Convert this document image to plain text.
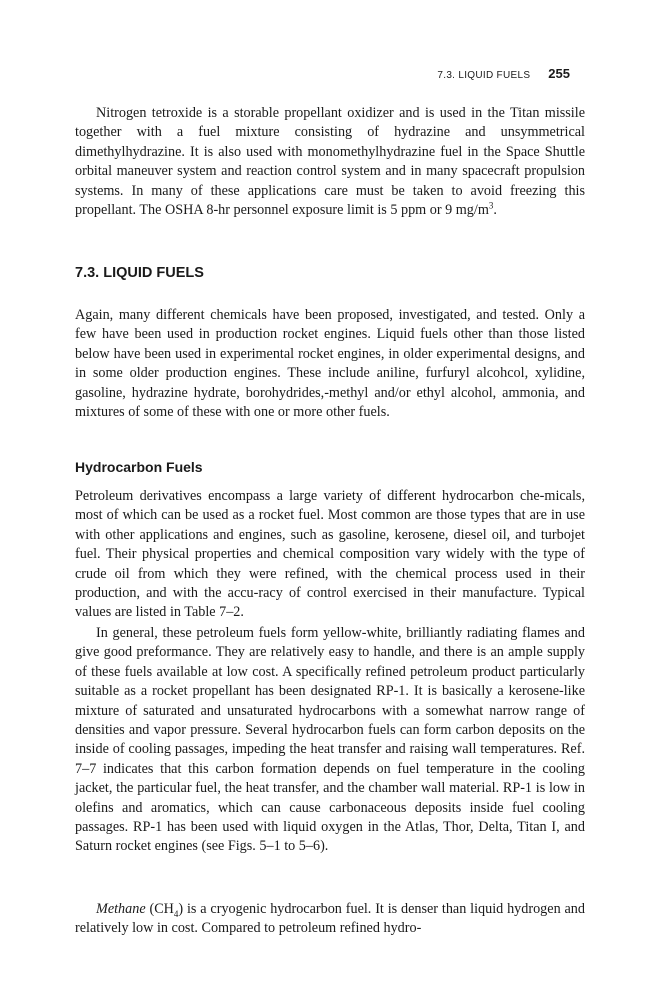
7.3. LIQUID FUELS 255

Nitrogen tetroxide is a storable propellant oxidizer and is used in the Titan missile together with a fuel mixture consisting of hydrazine and unsymmetrical dimethylhydrazine. It is also used with monomethylhydrazine fuel in the Space Shuttle orbital maneuver system and reaction control system and in many spacecraft propulsion systems. In many of these applications care must be taken to avoid freezing this propellant. The OSHA 8-hr personnel exposure limit is 5 ppm or 9 $mg/m^3$.

7.3. LIQUID FUELS

Again, many different chemicals have been proposed, investigated, and tested. Only a few have been used in production rocket engines. Liquid fuels other than those listed below have been used in experimental rocket engines, in older experimental designs, and in some older production engines. These include aniline, furfuryl alcohcol, xylidine, gasoline, hydrazine hydrate, borohydrides,-methyl and/or ethyl alcohol, ammonia, and mixtures of some of these with one or more other fuels.

Hydrocarbon Fuels

Petroleum derivatives encompass a large variety of different hydrocarbon che-micals, most of which can be used as a rocket fuel. Most common are those types that are in use with other applications and engines, such as gasoline, kerosene, diesel oil, and turbojet fuel. Their physical properties and chemical composition vary widely with the type of crude oil from which they were refined, with the chemical process used in their production, and with the accu-racy of control exercised in their manufacture. Typical values are listed in Table 7–2.

In general, these petroleum fuels form yellow-white, brilliantly radiating flames and give good preformance. They are relatively easy to handle, and there is an ample supply of these fuels available at low cost. A specifically refined petroleum product particularly suitable as a rocket propellant has been designated RP-1. It is basically a kerosene-like mixture of saturated and unsaturated hydrocarbons with a somewhat narrow range of densities and vapor pressure. Several hydrocarbon fuels can form carbon deposits on the inside of cooling passages, impeding the heat transfer and raising wall temperatures. Ref. 7–7 indicates that this carbon formation depends on fuel temperature in the cooling jacket, the particular fuel, the heat transfer, and the chamber wall material. RP-1 is low in olefins and aromatics, which can cause carbonaceous deposits inside fuel cooling passages. RP-1 has been used with liquid oxygen in the Atlas, Thor, Delta, Titan I, and Saturn rocket engines (see Figs. 5–1 to 5–6).

Methane $(CH_4)$ is a cryogenic hydrocarbon fuel. It is denser than liquid hydrogen and relatively low in cost. Compared to petroleum refined hydro-
